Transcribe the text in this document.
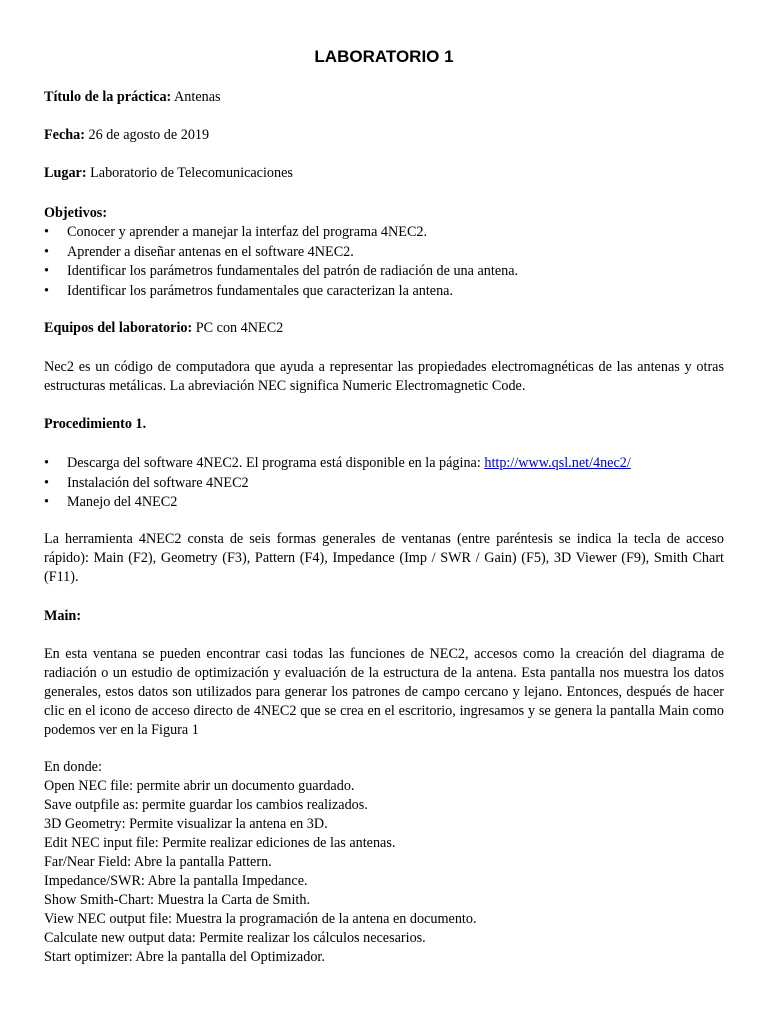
LABORATORIO 1
Título de la práctica: Antenas
Fecha: 26 de agosto de 2019
Lugar: Laboratorio de Telecomunicaciones
Objetivos:
• Conocer y aprender a manejar la interfaz del programa 4NEC2.
• Aprender a diseñar antenas en el software 4NEC2.
• Identificar los parámetros fundamentales del patrón de radiación de una antena.
• Identificar los parámetros fundamentales que caracterizan la antena.
Equipos del laboratorio: PC con 4NEC2
Nec2 es un código de computadora que ayuda a representar las propiedades electromagnéticas de las antenas y otras estructuras metálicas. La abreviación NEC significa Numeric Electromagnetic Code.
Procedimiento 1.
• Descarga del software 4NEC2. El programa está disponible en la página: http://www.qsl.net/4nec2/
• Instalación del software 4NEC2
• Manejo del 4NEC2
La herramienta 4NEC2 consta de seis formas generales de ventanas (entre paréntesis se indica la tecla de acceso rápido): Main (F2), Geometry (F3), Pattern (F4), Impedance (Imp / SWR / Gain) (F5), 3D Viewer (F9), Smith Chart (F11).
Main:
En esta ventana se pueden encontrar casi todas las funciones de NEC2, accesos como la creación del diagrama de radiación o un estudio de optimización y evaluación de la estructura de la antena. Esta pantalla nos muestra los datos generales, estos datos son utilizados para generar los patrones de campo cercano y lejano. Entonces, después de hacer clic en el icono de acceso directo de 4NEC2 que se crea en el escritorio, ingresamos y se genera la pantalla Main como podemos ver en la Figura 1
En donde:
Open NEC file: permite abrir un documento guardado.
Save outpfile as: permite guardar los cambios realizados.
3D Geometry: Permite visualizar la antena en 3D.
Edit NEC input file: Permite realizar ediciones de las antenas.
Far/Near Field: Abre la pantalla Pattern.
Impedance/SWR: Abre la pantalla Impedance.
Show Smith-Chart: Muestra la Carta de Smith.
View NEC output file: Muestra la programación de la antena en documento.
Calculate new output data: Permite realizar los cálculos necesarios.
Start optimizer: Abre la pantalla del Optimizador.
